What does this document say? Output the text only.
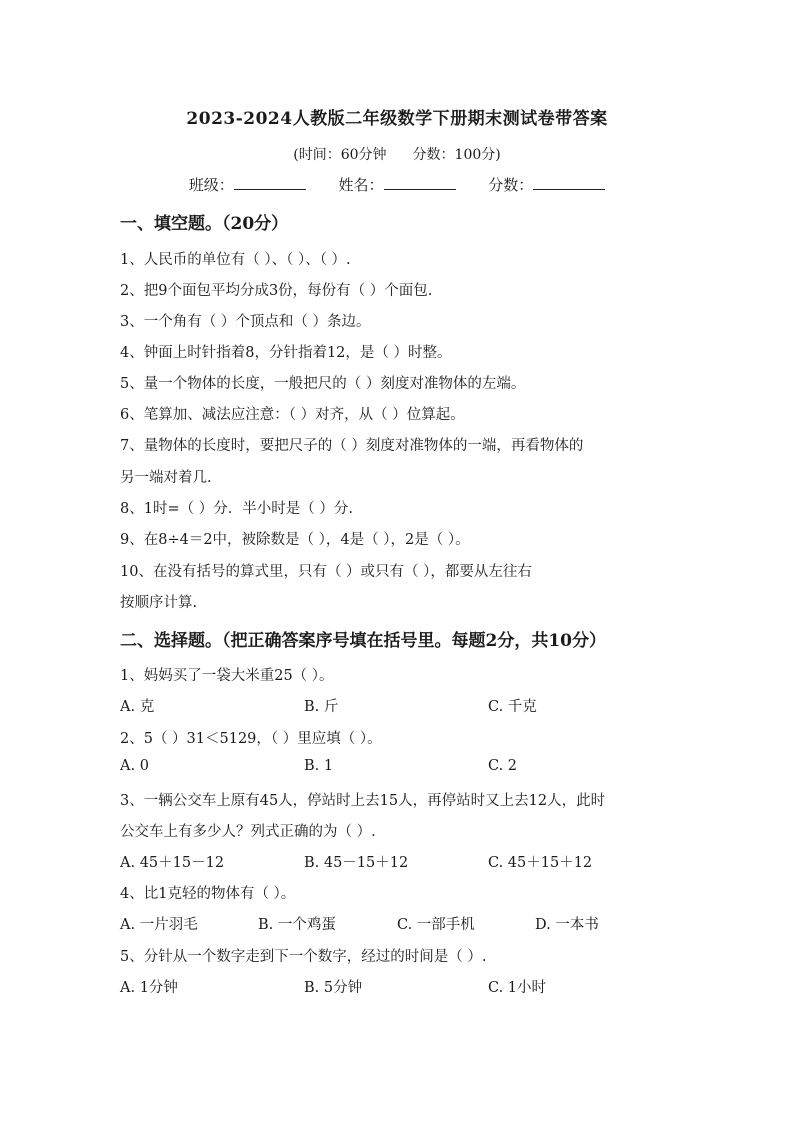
2023-2024人教版二年级数学下册期末测试卷带答案
(时间：60分钟 分数：100分)
班级：	姓名：	分数：
一、填空题。（20分）
1、人民币的单位有（ ）、（ ）、（ ）.
2、把9个面包平均分成3份，每份有（ ）个面包.
3、一个角有（ ）个顶点和（ ）条边。
4、钟面上时针指着8，分针指着12，是（ ）时整。
5、量一个物体的长度，一般把尺的（ ）刻度对准物体的左端。
6、笔算加、减法应注意：（ ）对齐，从（ ）位算起。
7、量物体的长度时，要把尺子的（ ）刻度对准物体的一端，再看物体的
另一端对着几.
8、1时=（ ）分．半小时是（ ）分.
9、在8÷4＝2中，被除数是（ ），4是（ ），2是（ ）。
10、在没有括号的算式里，只有（ ）或只有（ ），都要从左往右
按顺序计算.
二、选择题。（把正确答案序号填在括号里。每题2分，共10分）
1、妈妈买了一袋大米重25（ ）。
A. 克	B. 斤	C. 千克
2、5（ ）31＜5129，（ ）里应填（ ）。
A. 0	B. 1	C. 2
3、一辆公交车上原有45人，停站时上去15人，再停站时又上去12人，此时
公交车上有多少人？列式正确的为（ ）.
A. 45＋15－12	B. 45－15＋12	C. 45＋15＋12
4、比1克轻的物体有（ ）。
A. 一片羽毛	B. 一个鸡蛋	C. 一部手机	D. 一本书
5、分针从一个数字走到下一个数字，经过的时间是（ ）.
A. 1分钟	B. 5分钟	C. 1小时
